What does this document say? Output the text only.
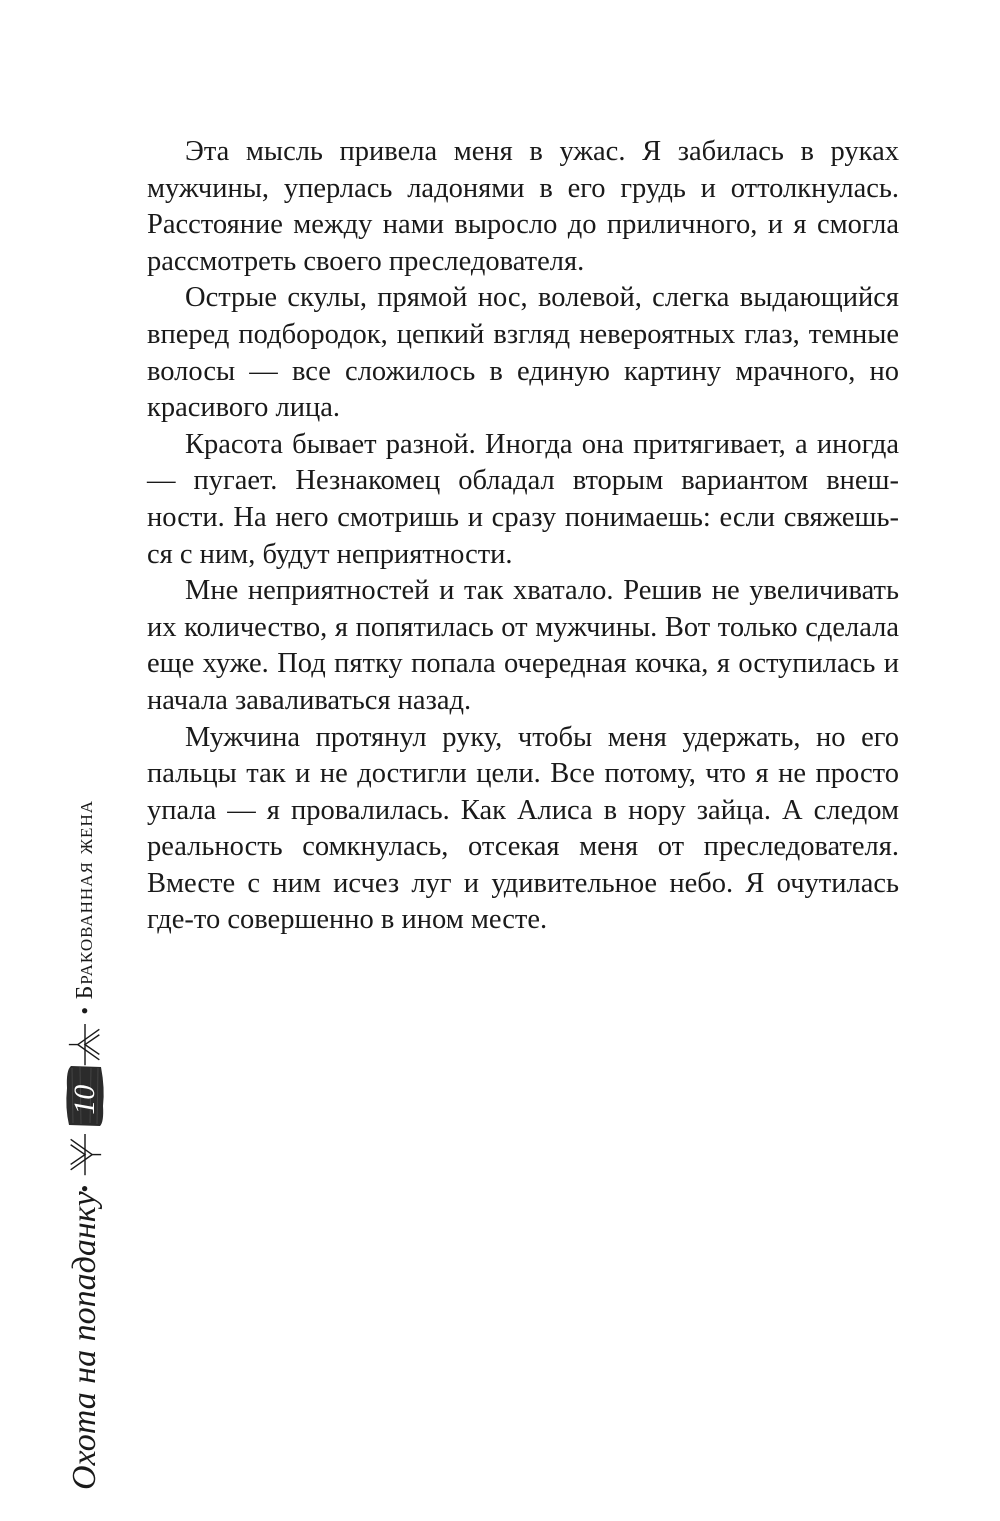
Эта мысль привела меня в ужас. Я забилась в руках мужчины, уперлась ладонями в его грудь и оттолкнулась. Расстояние между нами выросло до приличного, и я смогла рассмотреть своего преследователя.

Острые скулы, прямой нос, волевой, слегка выдающийся вперед подбородок, цепкий взгляд невероятных глаз, темные волосы — все сложилось в единую картину мрачного, но красивого лица.

Красота бывает разной. Иногда она притягивает, а иногда — пугает. Незнакомец обладал вторым вариантом внешности. На него смотришь и сразу понимаешь: если свяжешься с ним, будут неприятности.

Мне неприятностей и так хватало. Решив не увеличивать их количество, я попятилась от мужчины. Вот только сделала еще хуже. Под пятку попала очередная кочка, я оступилась и начала заваливаться назад.

Мужчина протянул руку, чтобы меня удержать, но его пальцы так и не достигли цели. Все потому, что я не просто упала — я провалилась. Как Алиса в нору зайца. А следом реальность сомкнулась, отсекая меня от преследователя. Вместе с ним исчез луг и удивительное небо. Я очутилась где-то совершенно в ином месте.

Охота на попаданку
•
10
•
Бракованная жена
